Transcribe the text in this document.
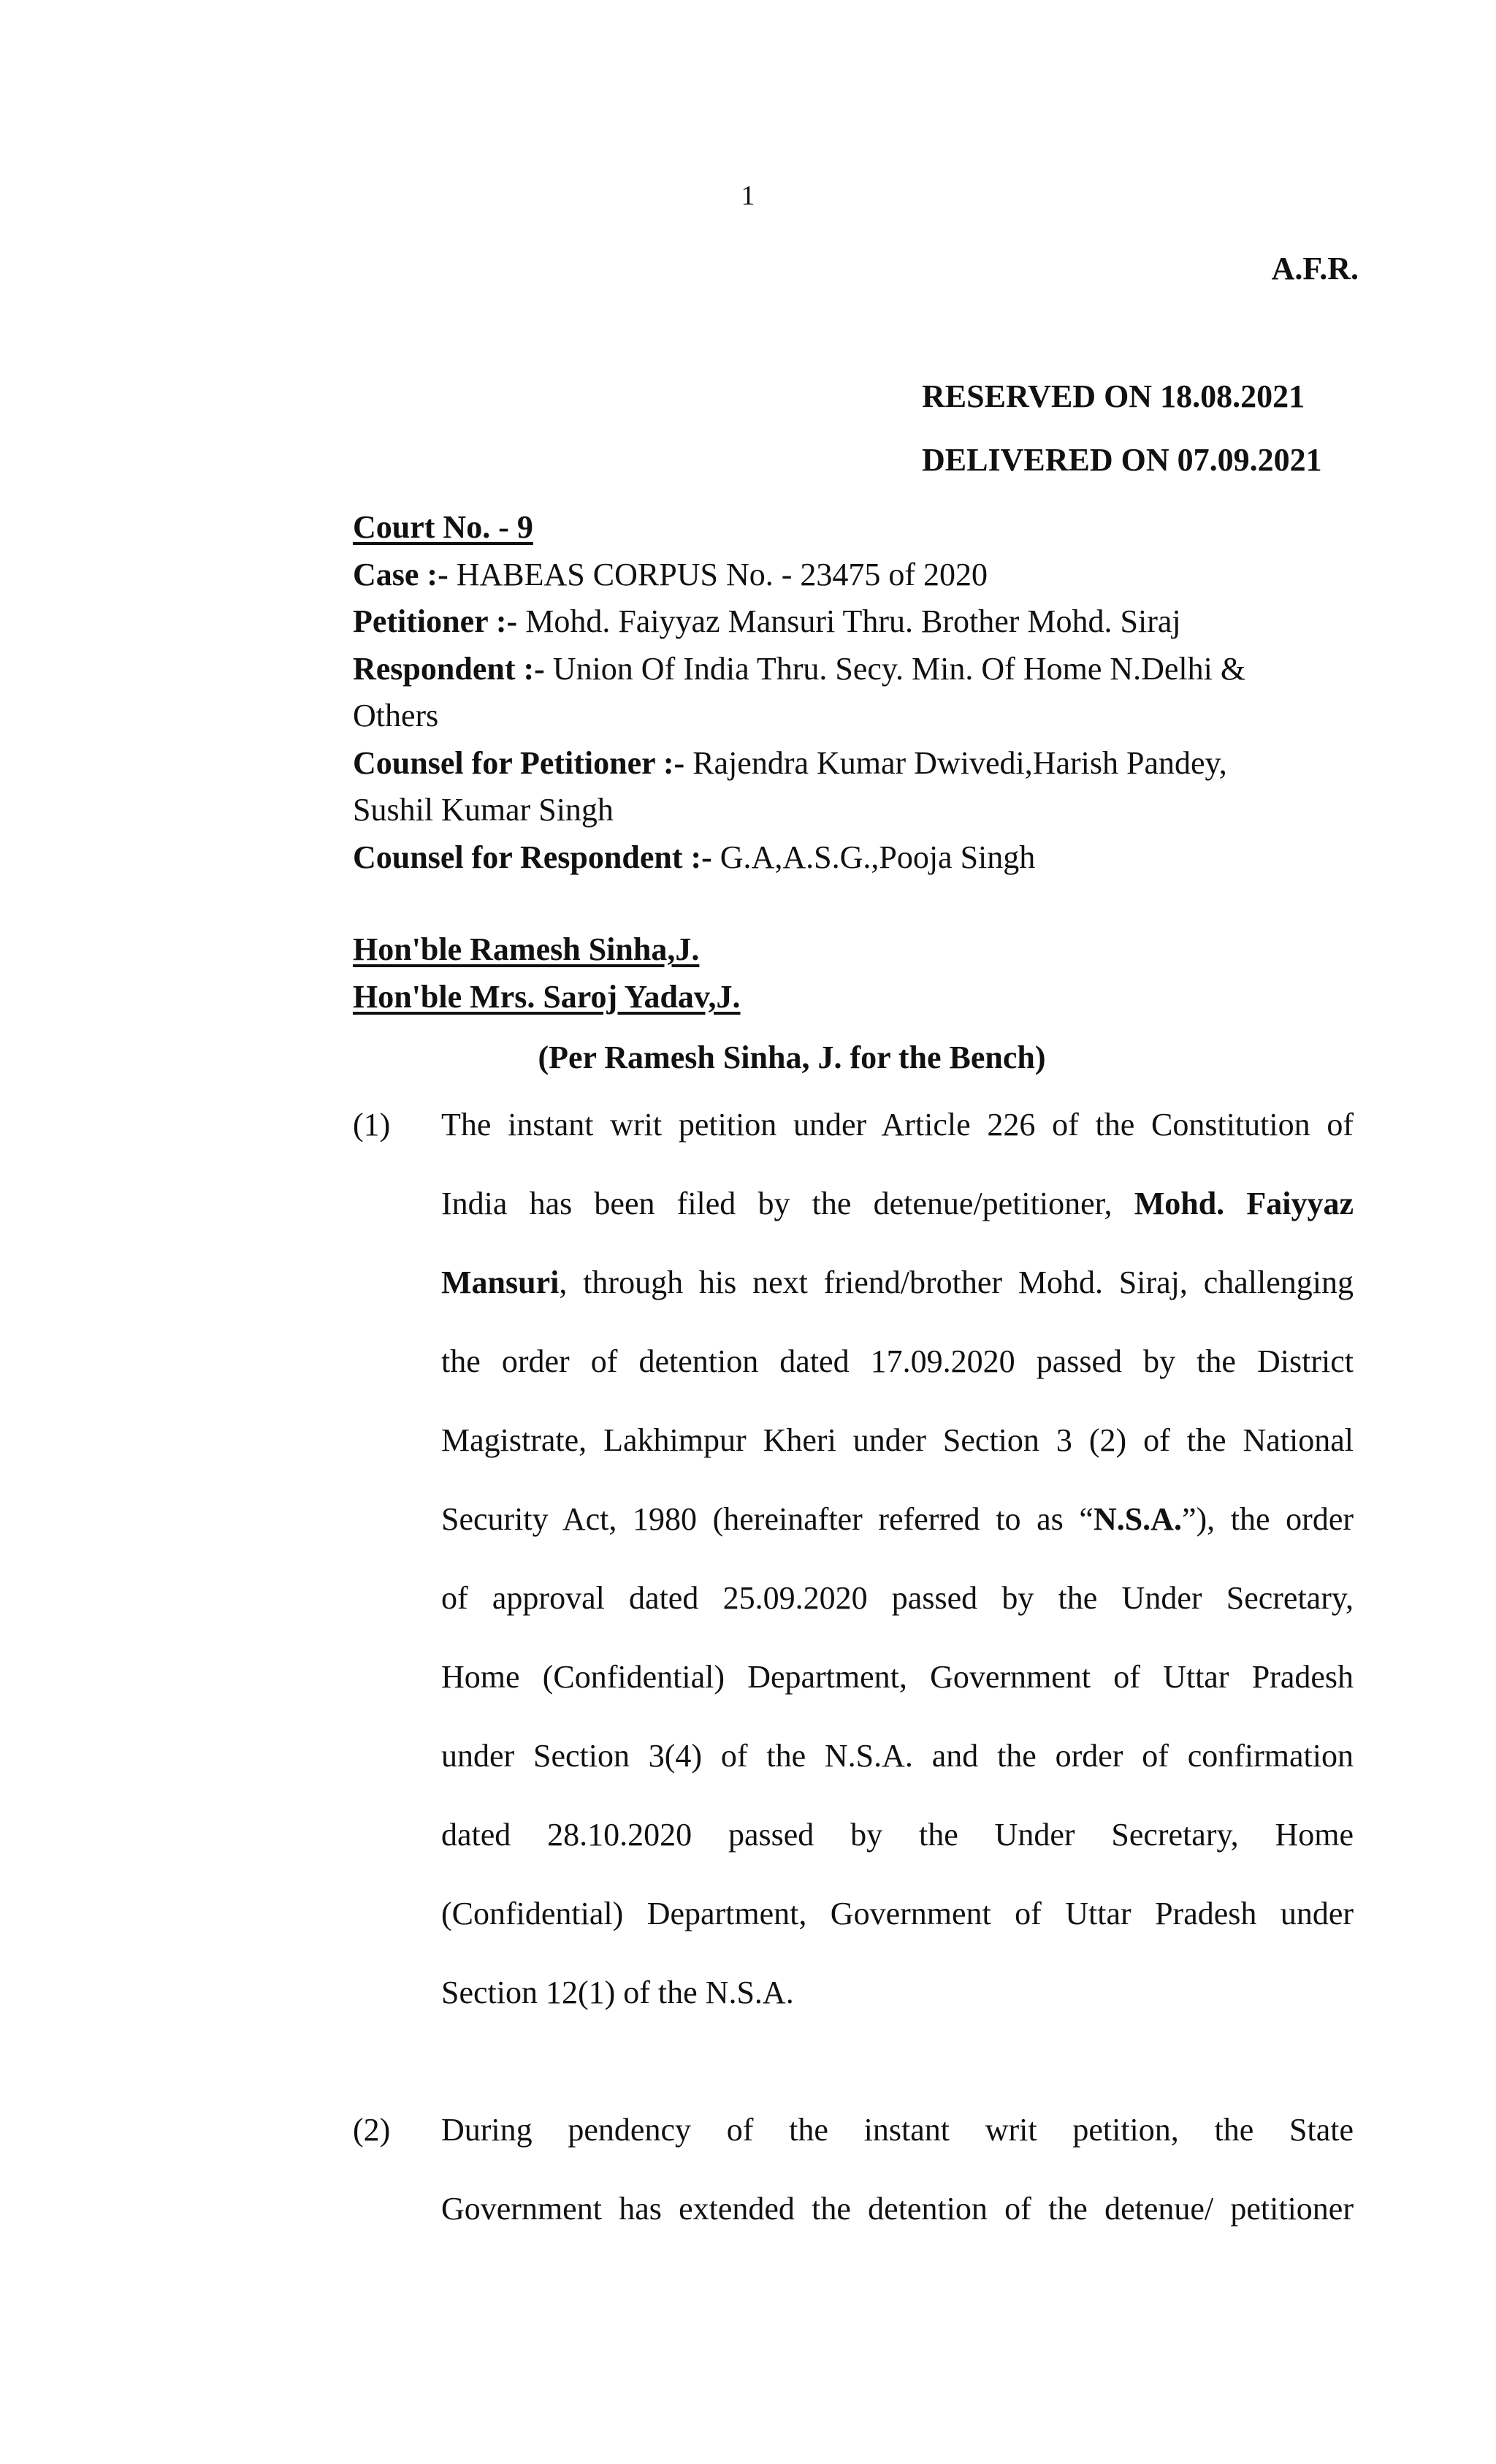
1
A.F.R.
RESERVED ON 18.08.2021
DELIVERED ON 07.09.2021
Court No. - 9
Case :- HABEAS CORPUS No. - 23475 of 2020
Petitioner :- Mohd. Faiyyaz Mansuri Thru. Brother Mohd. Siraj
Respondent :- Union Of India Thru. Secy. Min. Of Home N.Delhi &
Others
Counsel for Petitioner :- Rajendra Kumar Dwivedi,Harish Pandey,
Sushil Kumar Singh
Counsel for Respondent :- G.A,A.S.G.,Pooja Singh
Hon'ble Ramesh Sinha,J.
Hon'ble Mrs. Saroj Yadav,J.
(Per Ramesh Sinha, J. for the Bench)
(1) The instant writ petition under Article 226 of the Constitution of
India has been filed by the detenue/petitioner, Mohd. Faiyyaz
Mansuri, through his next friend/brother Mohd. Siraj, challenging
the order of detention dated 17.09.2020 passed by the District
Magistrate, Lakhimpur Kheri under Section 3 (2) of the National
Security Act, 1980 (hereinafter referred to as “N.S.A.”), the order
of approval dated 25.09.2020 passed by the Under Secretary,
Home (Confidential) Department, Government of Uttar Pradesh
under Section 3(4) of the N.S.A. and the order of confirmation
dated 28.10.2020 passed by the Under Secretary, Home
(Confidential) Department, Government of Uttar Pradesh under
Section 12(1) of the N.S.A.
(2) During pendency of the instant writ petition, the State
Government has extended the detention of the detenue/ petitioner
